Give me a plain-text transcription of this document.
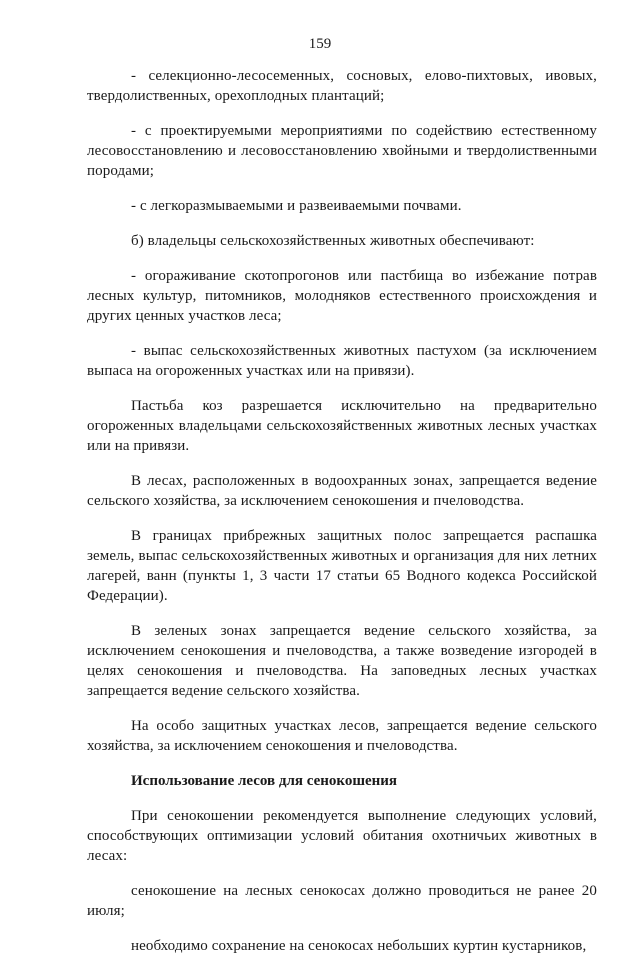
159

- селекционно-лесосеменных, сосновых, елово-пихтовых, ивовых, твердолиственных, орехоплодных плантаций;

- с проектируемыми мероприятиями по содействию естественному лесовосстановлению и лесовосстановлению хвойными и твердолиственными породами;

- с легкоразмываемыми и развеиваемыми почвами.

б) владельцы сельскохозяйственных животных обеспечивают:

- огораживание скотопрогонов или пастбища во избежание потрав лесных культур, питомников, молодняков естественного происхождения и других ценных участков леса;

- выпас сельскохозяйственных животных пастухом (за исключением выпаса на огороженных участках или на привязи).

Пастьба коз разрешается исключительно на предварительно огороженных владельцами сельскохозяйственных животных лесных участках или на привязи.

В лесах, расположенных в водоохранных зонах, запрещается ведение сельского хозяйства, за исключением сенокошения и пчеловодства.

В границах прибрежных защитных полос запрещается распашка земель, выпас сельскохозяйственных животных и организация для них летних лагерей, ванн (пункты 1, 3 части 17 статьи 65 Водного кодекса Российской Федерации).

В зеленых зонах запрещается ведение сельского хозяйства, за исключением сенокошения и пчеловодства, а также возведение изгородей в целях сенокошения и пчеловодства. На заповедных лесных участках запрещается ведение сельского хозяйства.

На особо защитных участках лесов, запрещается ведение сельского хозяйства, за исключением сенокошения и пчеловодства.

Использование лесов для сенокошения

При сенокошении рекомендуется выполнение следующих условий, способствующих оптимизации условий обитания охотничьих животных в лесах:

сенокошение на лесных сенокосах должно проводиться не ранее 20 июля;

необходимо сохранение на сенокосах небольших куртин кустарников,
